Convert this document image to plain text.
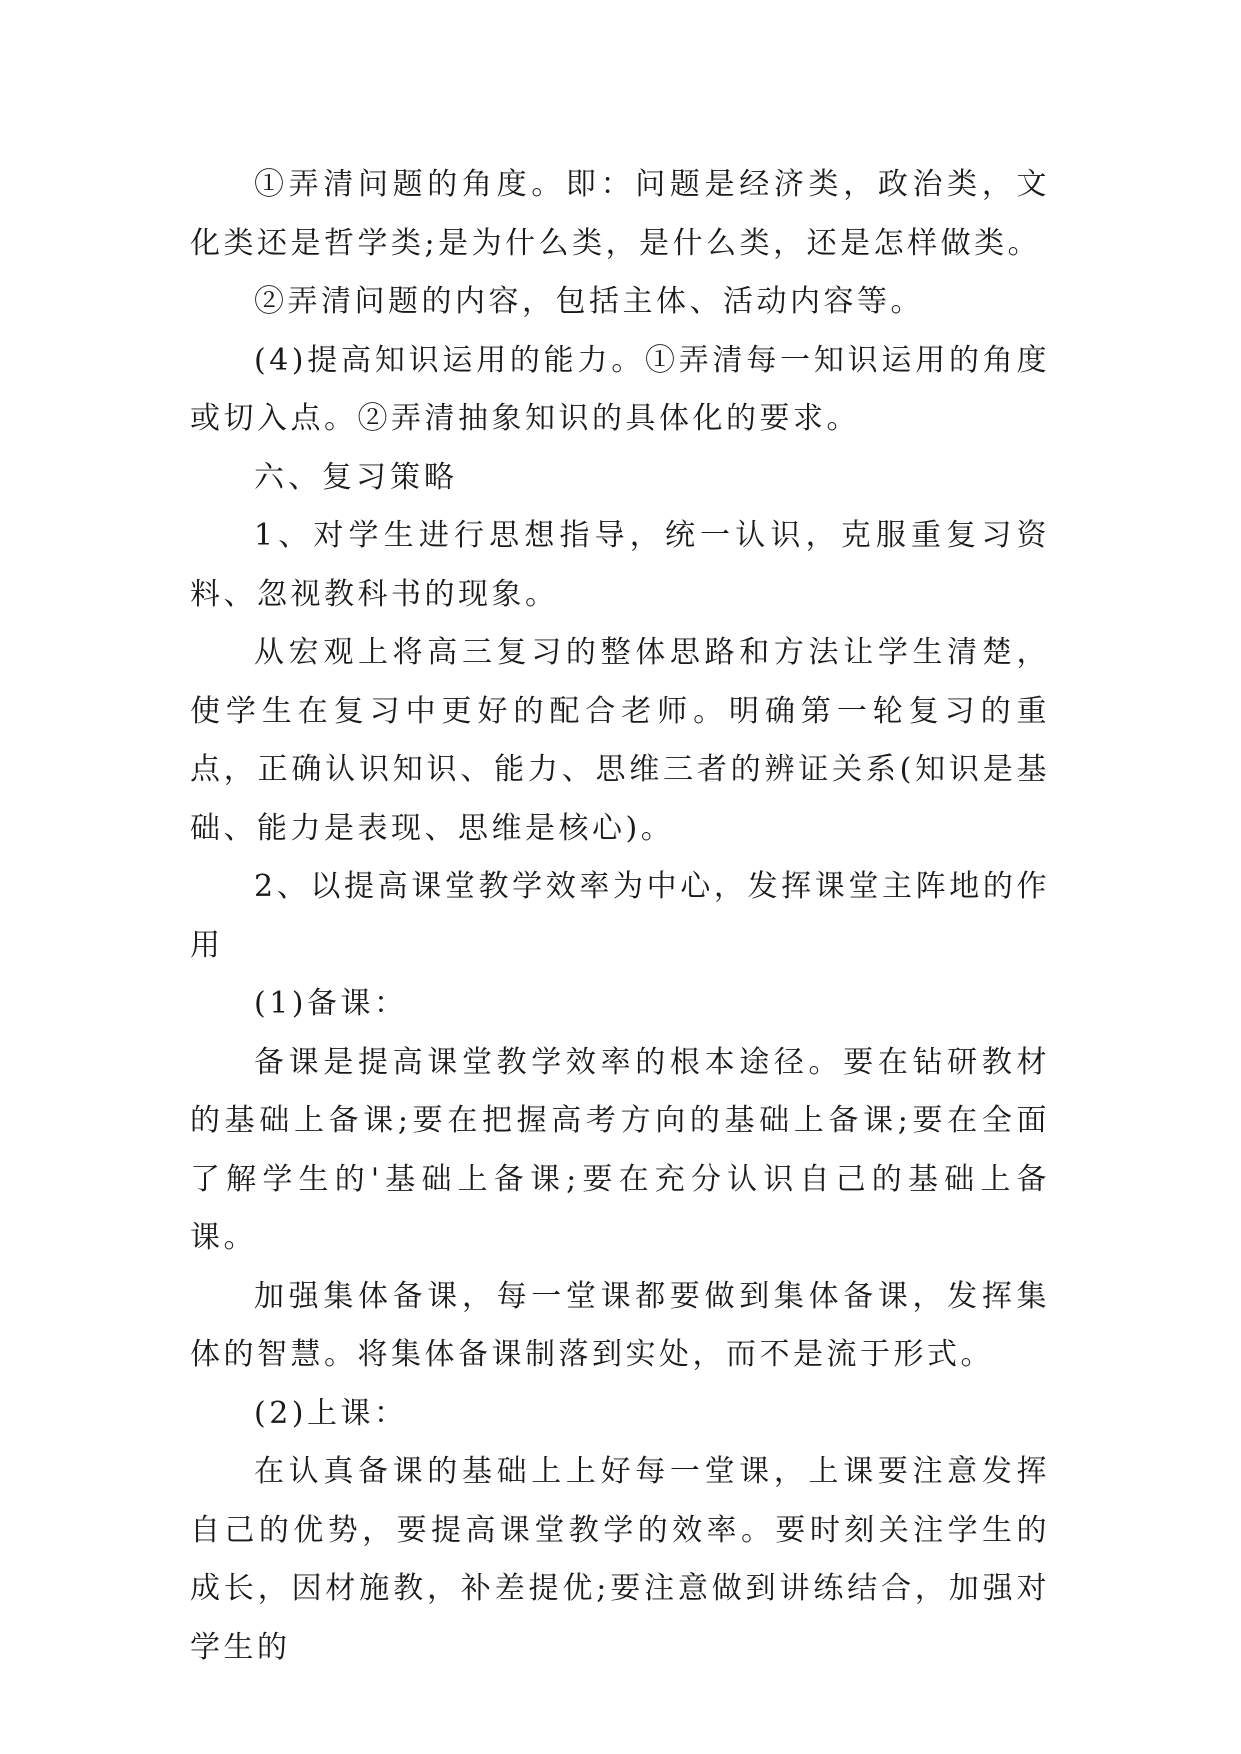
①弄清问题的角度。即：问题是经济类，政治类，文化类还是哲学类;是为什么类，是什么类，还是怎样做类。

②弄清问题的内容，包括主体、活动内容等。

(4)提高知识运用的能力。①弄清每一知识运用的角度或切入点。②弄清抽象知识的具体化的要求。

六、复习策略

1、对学生进行思想指导，统一认识，克服重复习资料、忽视教科书的现象。

从宏观上将高三复习的整体思路和方法让学生清楚，使学生在复习中更好的配合老师。明确第一轮复习的重点，正确认识知识、能力、思维三者的辨证关系(知识是基础、能力是表现、思维是核心)。

2、以提高课堂教学效率为中心，发挥课堂主阵地的作用

(1)备课：

备课是提高课堂教学效率的根本途径。要在钻研教材的基础上备课;要在把握高考方向的基础上备课;要在全面了解学生的'基础上备课;要在充分认识自己的基础上备课。

加强集体备课，每一堂课都要做到集体备课，发挥集体的智慧。将集体备课制落到实处，而不是流于形式。

(2)上课：

在认真备课的基础上上好每一堂课，上课要注意发挥自己的优势，要提高课堂教学的效率。要时刻关注学生的成长，因材施教，补差提优;要注意做到讲练结合，加强对学生的
